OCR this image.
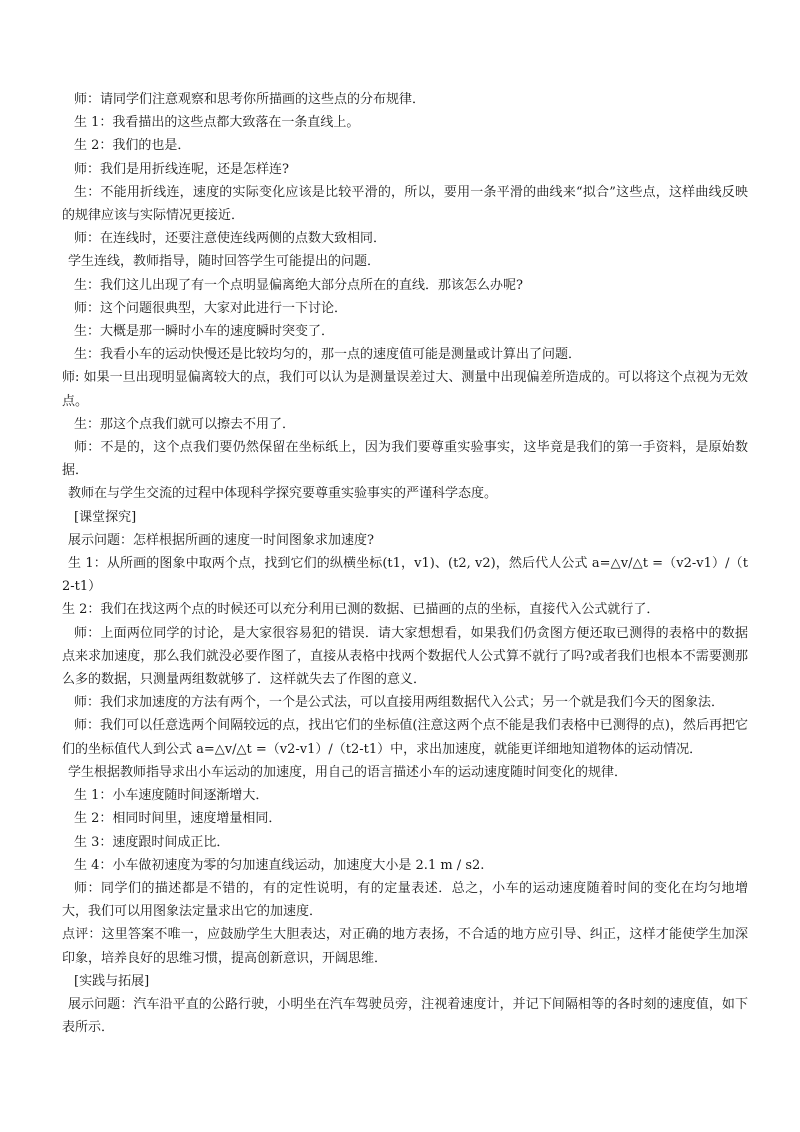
师：请同学们注意观察和思考你所描画的这些点的分布规律．

生 1：我看描出的这些点都大致落在一条直线上。

生 2：我们的也是．

师：我们是用折线连呢，还是怎样连?

生：不能用折线连，速度的实际变化应该是比较平滑的，所以，要用一条平滑的曲线来“拟合”这些点，这样曲线反映的规律应该与实际情况更接近．

师：在连线时，还要注意使连线两侧的点数大致相同．

学生连线，教师指导，随时回答学生可能提出的问题．

生：我们这儿出现了有一个点明显偏离绝大部分点所在的直线．那该怎么办呢?

师：这个问题很典型，大家对此进行一下讨论．

生：大概是那一瞬时小车的速度瞬时突变了．

生：我看小车的运动快慢还是比较均匀的，那一点的速度值可能是测量或计算出了问题．

师: 如果一旦出现明显偏离较大的点，我们可以认为是测量误差过大、测量中出现偏差所造成的。可以将这个点视为无效点。

生：那这个点我们就可以擦去不用了．

师：不是的，这个点我们要仍然保留在坐标纸上，因为我们要尊重实验事实，这毕竟是我们的第一手资料，是原始数据．

教师在与学生交流的过程中体现科学探究要尊重实验事实的严谨科学态度。

[课堂探究]

展示问题：怎样根据所画的速度一时间图象求加速度?

生 1：从所画的图象中取两个点，找到它们的纵横坐标(t1，v1)、(t2, v2)，然后代人公式 a=△v/△t =（v2-v1）/（t2-t1）

生 2：我们在找这两个点的时候还可以充分利用已测的数据、已描画的点的坐标，直接代入公式就行了．

师：上面两位同学的讨论，是大家很容易犯的错误．请大家想想看，如果我们仍贪图方便还取已测得的表格中的数据点来求加速度，那么我们就没必要作图了，直接从表格中找两个数据代人公式算不就行了吗?或者我们也根本不需要测那么多的数据，只测量两组数就够了．这样就失去了作图的意义．

师：我们求加速度的方法有两个，一个是公式法，可以直接用两组数据代入公式；另一个就是我们今天的图象法．

师：我们可以任意选两个间隔较远的点，找出它们的坐标值(注意这两个点不能是我们表格中已测得的点)，然后再把它们的坐标值代人到公式 a=△v/△t =（v2-v1）/（t2-t1）中，求出加速度，就能更详细地知道物体的运动情况．

学生根据教师指导求出小车运动的加速度，用自己的语言描述小车的运动速度随时间变化的规律．

生 1：小车速度随时间逐渐增大．

生 2：相同时间里，速度增量相同．

生 3：速度跟时间成正比．

生 4：小车做初速度为零的匀加速直线运动，加速度大小是 2.1 m / s2.

师：同学们的描述都是不错的，有的定性说明，有的定量表述．总之，小车的运动速度随着时间的变化在均匀地增大，我们可以用图象法定量求出它的加速度．

点评：这里答案不唯一，应鼓励学生大胆表达，对正确的地方表扬，不合适的地方应引导、纠正，这样才能使学生加深印象，培养良好的思维习惯，提高创新意识，开阔思维．

[实践与拓展]

展示问题：汽车沿平直的公路行驶，小明坐在汽车驾驶员旁，注视着速度计，并记下间隔相等的各时刻的速度值，如下表所示．
